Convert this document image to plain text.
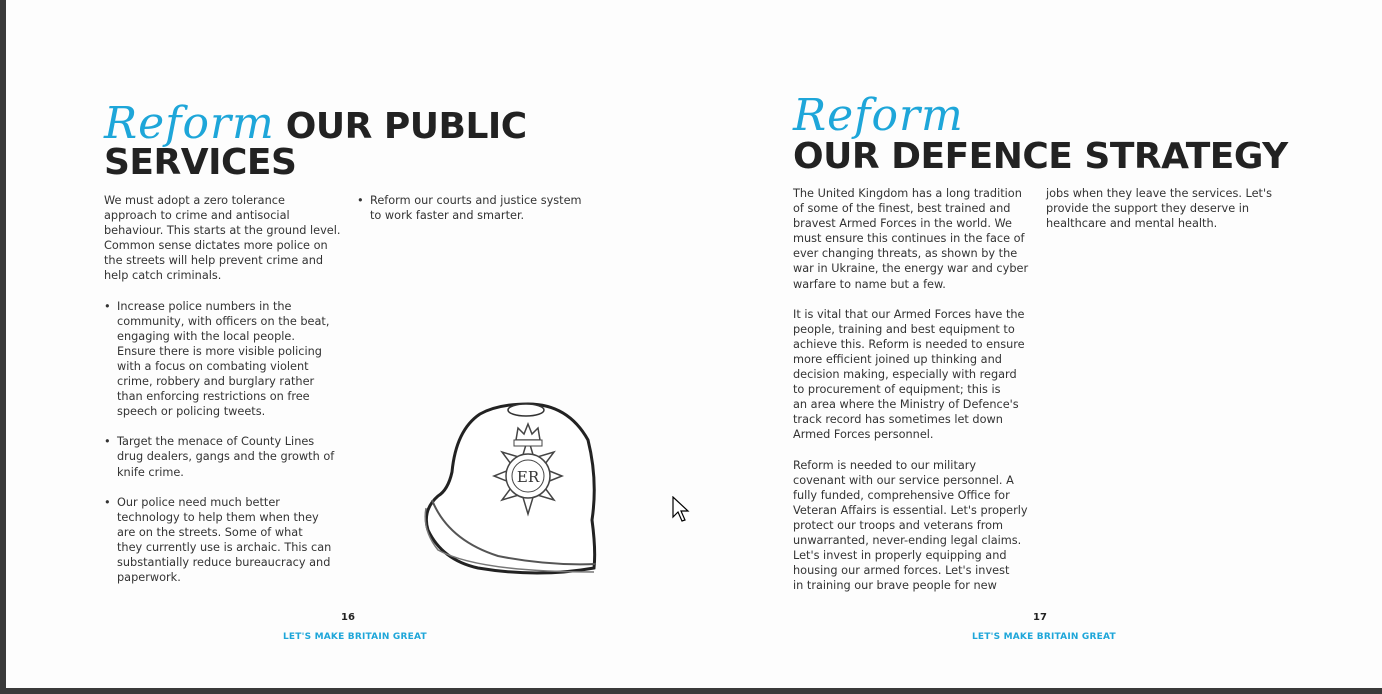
Reform OUR PUBLIC
SERVICES

We must adopt a zero tolerance
approach to crime and antisocial
behaviour. This starts at the ground level.
Common sense dictates more police on
the streets will help prevent crime and
help catch criminals.

• Increase police numbers in the
community, with officers on the beat,
engaging with the local people.
Ensure there is more visible policing
with a focus on combating violent
crime, robbery and burglary rather
than enforcing restrictions on free
speech or policing tweets.
• Target the menace of County Lines
drug dealers, gangs and the growth of
knife crime.
• Our police need much better
technology to help them when they
are on the streets. Some of what
they currently use is archaic. This can
substantially reduce bureaucracy and
paperwork.
• Reform our courts and justice system
to work faster and smarter.
ER
16
LET'S MAKE BRITAIN GREAT
Reform
OUR DEFENCE STRATEGY

The United Kingdom has a long tradition
of some of the finest, best trained and
bravest Armed Forces in the world. We
must ensure this continues in the face of
ever changing threats, as shown by the
war in Ukraine, the energy war and cyber
warfare to name but a few.

It is vital that our Armed Forces have the
people, training and best equipment to
achieve this. Reform is needed to ensure
more efficient joined up thinking and
decision making, especially with regard
to procurement of equipment; this is
an area where the Ministry of Defence's
track record has sometimes let down
Armed Forces personnel.

Reform is needed to our military
covenant with our service personnel. A
fully funded, comprehensive Office for
Veteran Affairs is essential. Let's properly
protect our troops and veterans from
unwarranted, never-ending legal claims.
Let's invest in properly equipping and
housing our armed forces. Let's invest
in training our brave people for new

jobs when they leave the services. Let's
provide the support they deserve in
healthcare and mental health.

17
LET'S MAKE BRITAIN GREAT
